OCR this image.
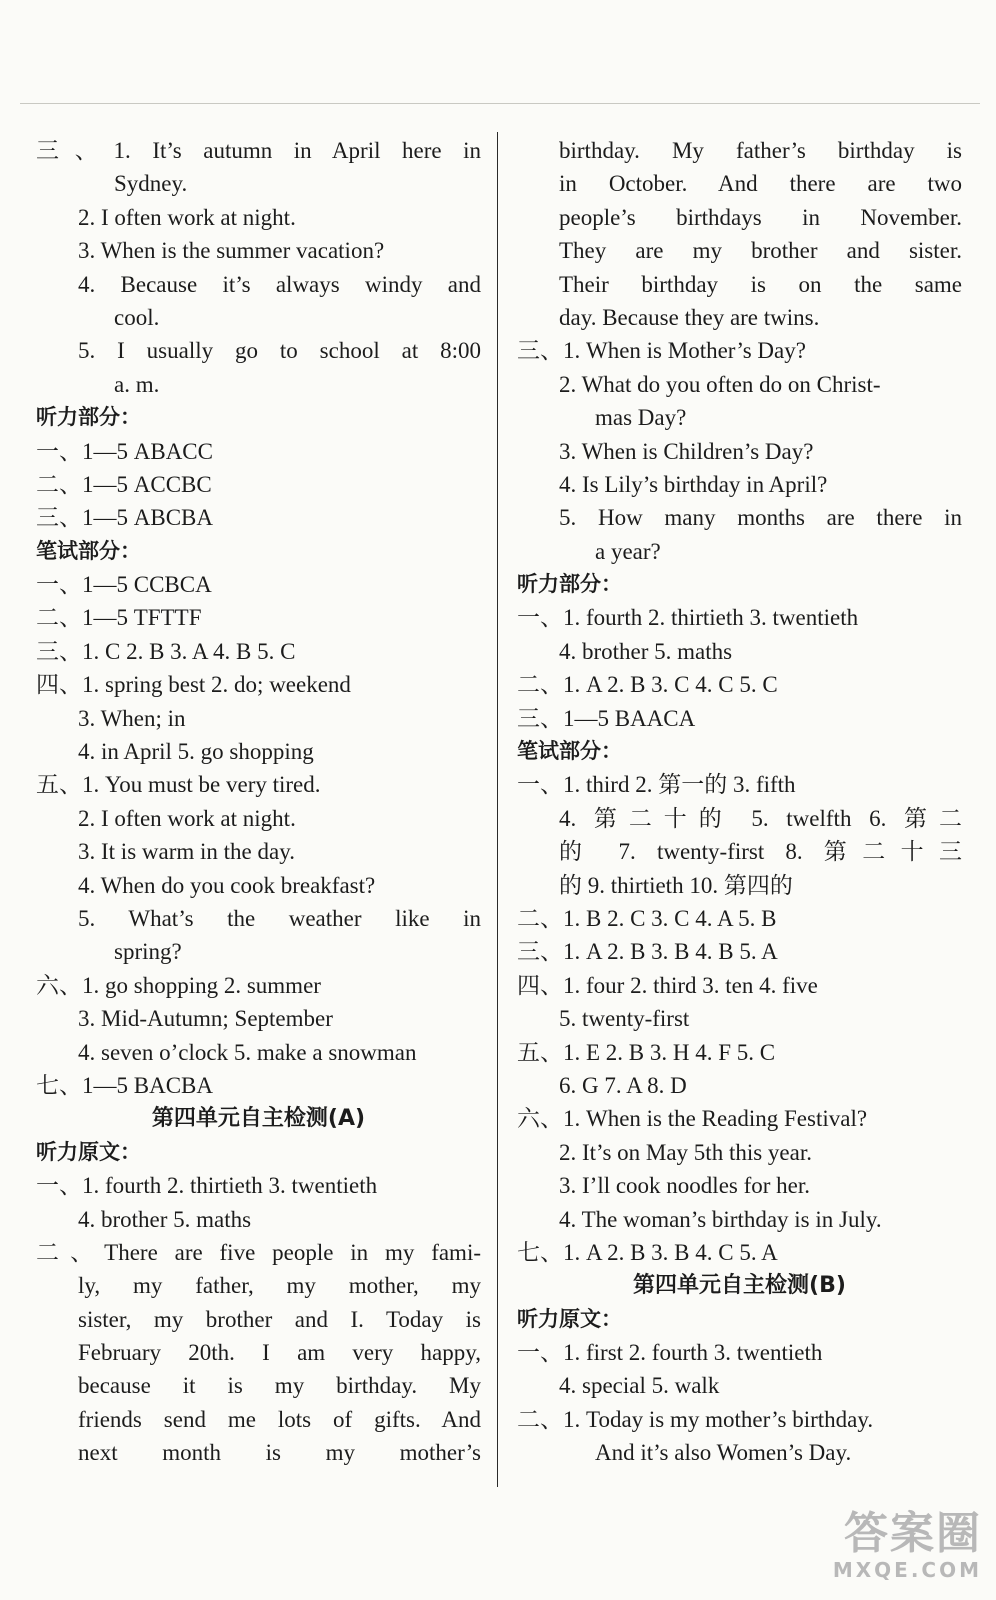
三、1. It’s autumn in April here in
Sydney.
2. I often work at night.
3. When is the summer vacation?
4. Because it’s always windy and
cool.
5. I usually go to school at 8:00
a. m.
听力部分：
一、1—5 ABACC
二、1—5 ACCBC
三、1—5 ABCBA
笔试部分：
一、1—5 CCBCA
二、1—5 TFTTF
三、1. C 2. B 3. A 4. B 5. C
四、1. spring best 2. do; weekend
3. When; in
4. in April 5. go shopping
五、1. You must be very tired.
2. I often work at night.
3. It is warm in the day.
4. When do you cook breakfast?
5. What’s the weather like in
spring?
六、1. go shopping 2. summer
3. Mid-Autumn; September
4. seven o’clock 5. make a snowman
七、1—5 BACBA
第四单元自主检测(A)
听力原文：
一、1. fourth 2. thirtieth 3. twentieth
4. brother 5. maths
二、There are five people in my fami-
ly, my father, my mother, my
sister, my brother and I. Today is
February 20th. I am very happy,
because it is my birthday. My
friends send me lots of gifts. And
next month is my mother’s
birthday. My father’s birthday is
in October. And there are two
people’s birthdays in November.
They are my brother and sister.
Their birthday is on the same
day. Because they are twins.
三、1. When is Mother’s Day?
2. What do you often do on Christ-
mas Day?
3. When is Children’s Day?
4. Is Lily’s birthday in April?
5. How many months are there in
a year?
听力部分：
一、1. fourth 2. thirtieth 3. twentieth
4. brother 5. maths
二、1. A 2. B 3. C 4. C 5. C
三、1—5 BAACA
笔试部分：
一、1. third 2. 第一的 3. fifth
4. 第二十的 5. twelfth 6. 第二
的 7. twenty-first 8. 第二十三
的 9. thirtieth 10. 第四的
二、1. B 2. C 3. C 4. A 5. B
三、1. A 2. B 3. B 4. B 5. A
四、1. four 2. third 3. ten 4. five
5. twenty-first
五、1. E 2. B 3. H 4. F 5. C
6. G 7. A 8. D
六、1. When is the Reading Festival?
2. It’s on May 5th this year.
3. I’ll cook noodles for her.
4. The woman’s birthday is in July.
七、1. A 2. B 3. B 4. C 5. A
第四单元自主检测(B)
听力原文：
一、1. first 2. fourth 3. twentieth
4. special 5. walk
二、1. Today is my mother’s birthday.
And it’s also Women’s Day.
答案圈
MXQE.COM
